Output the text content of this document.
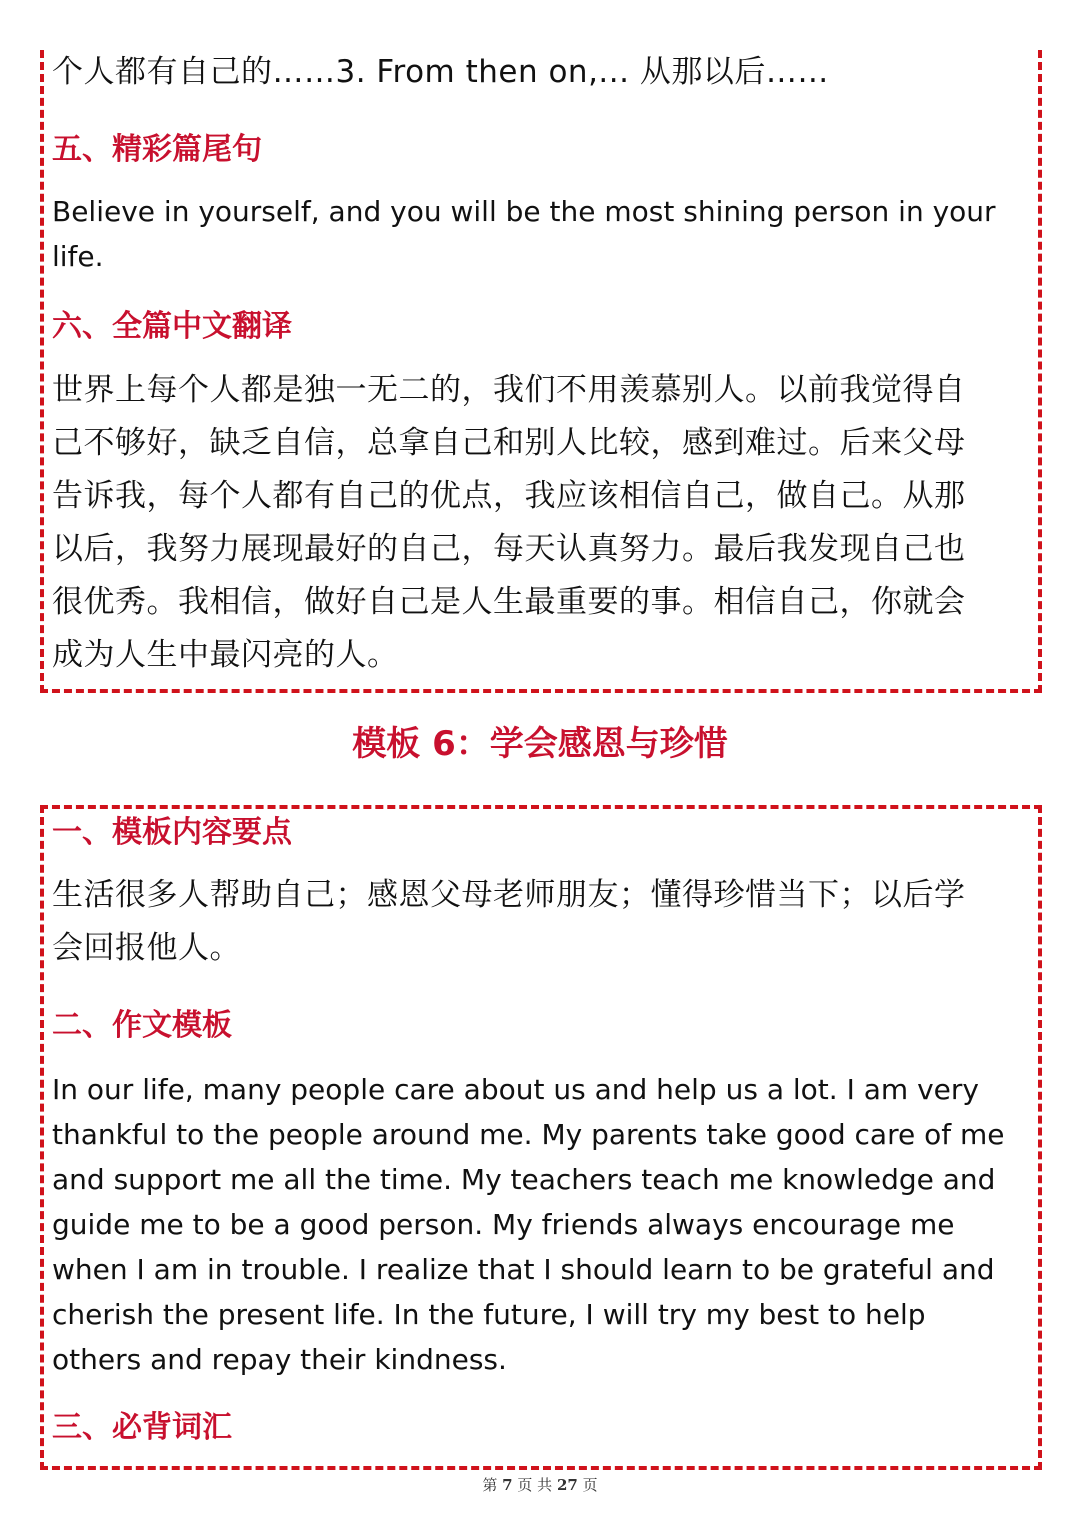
个人都有自己的……3. From then on,... 从那以后……

五、精彩篇尾句

Believe in yourself, and you will be the most shining person in your life.

六、全篇中文翻译

世界上每个人都是独一无二的，我们不用羡慕别人。以前我觉得自

己不够好，缺乏自信，总拿自己和别人比较，感到难过。后来父母

告诉我，每个人都有自己的优点，我应该相信自己，做自己。从那

以后，我努力展现最好的自己，每天认真努力。最后我发现自己也

很优秀。我相信，做好自己是人生最重要的事。相信自己，你就会

成为人生中最闪亮的人。

模板 6：学会感恩与珍惜

一、模板内容要点

生活很多人帮助自己；感恩父母老师朋友；懂得珍惜当下；以后学

会回报他人。

二、作文模板

In our life, many people care about us and help us a lot. I am very

thankful to the people around me. My parents take good care of me

and support me all the time. My teachers teach me knowledge and

guide me to be a good person. My friends always encourage me

when I am in trouble. I realize that I should learn to be grateful and

cherish the present life. In the future, I will try my best to help

others and repay their kindness.

三、必背词汇

第 7 页 共 27 页
